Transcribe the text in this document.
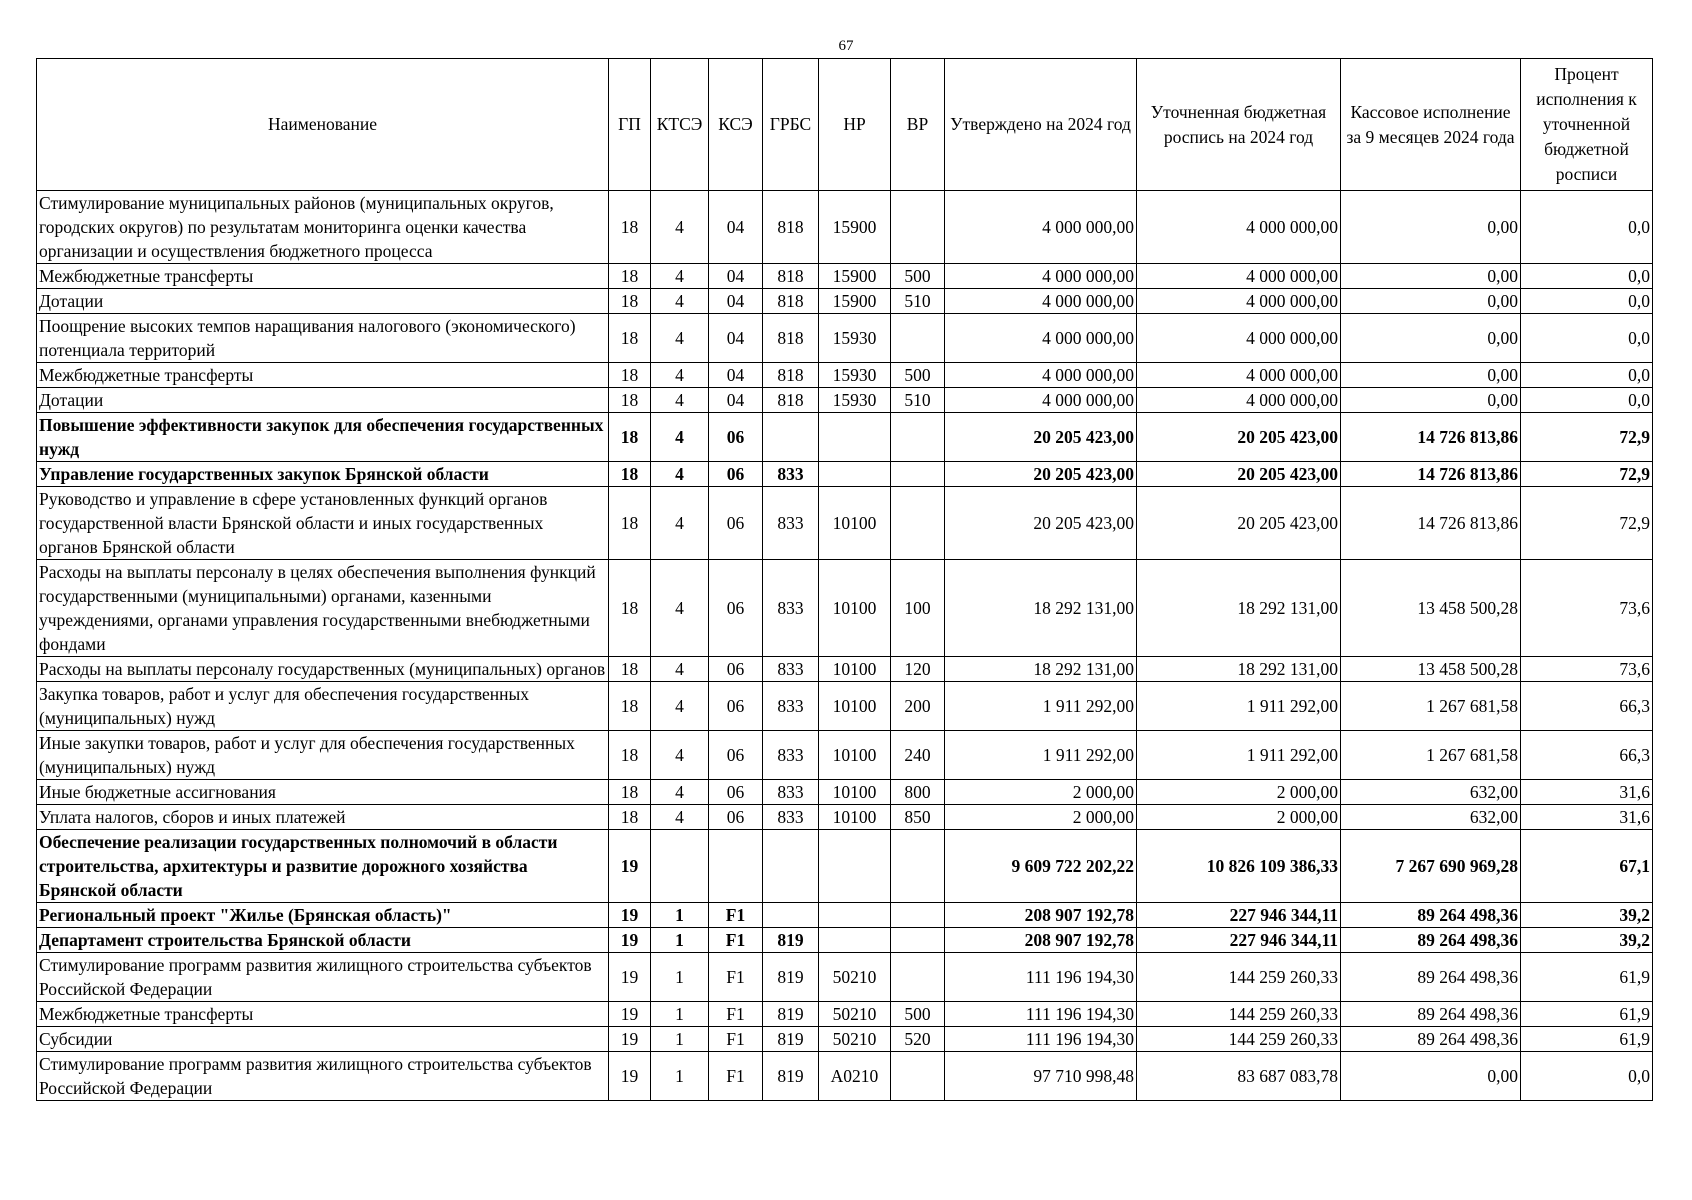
67
Наименование	ГП	КТСЭ	КСЭ	ГРБС	НР	ВР	Утверждено на 2024 год	Уточненная бюджетная роспись на 2024 год	Кассовое исполнение за 9 месяцев 2024 года	Процент исполнения к уточненной бюджетной росписи
Стимулирование муниципальных районов (муниципальных округов, городских округов) по результатам мониторинга оценки качества организации и осуществления бюджетного процесса	18	4	04	818	15900		4 000 000,00	4 000 000,00	0,00	0,0
Межбюджетные трансферты	18	4	04	818	15900	500	4 000 000,00	4 000 000,00	0,00	0,0
Дотации	18	4	04	818	15900	510	4 000 000,00	4 000 000,00	0,00	0,0
Поощрение высоких темпов наращивания налогового (экономического) потенциала территорий	18	4	04	818	15930		4 000 000,00	4 000 000,00	0,00	0,0
Межбюджетные трансферты	18	4	04	818	15930	500	4 000 000,00	4 000 000,00	0,00	0,0
Дотации	18	4	04	818	15930	510	4 000 000,00	4 000 000,00	0,00	0,0
Повышение эффективности закупок для обеспечения государственных нужд	18	4	06				20 205 423,00	20 205 423,00	14 726 813,86	72,9
Управление государственных закупок Брянской области	18	4	06	833			20 205 423,00	20 205 423,00	14 726 813,86	72,9
Руководство и управление в сфере установленных функций органов государственной власти Брянской области и иных государственных органов Брянской области	18	4	06	833	10100		20 205 423,00	20 205 423,00	14 726 813,86	72,9
Расходы на выплаты персоналу в целях обеспечения выполнения функций государственными (муниципальными) органами, казенными учреждениями, органами управления государственными внебюджетными фондами	18	4	06	833	10100	100	18 292 131,00	18 292 131,00	13 458 500,28	73,6
Расходы на выплаты персоналу государственных (муниципальных) органов	18	4	06	833	10100	120	18 292 131,00	18 292 131,00	13 458 500,28	73,6
Закупка товаров, работ и услуг для обеспечения государственных (муниципальных) нужд	18	4	06	833	10100	200	1 911 292,00	1 911 292,00	1 267 681,58	66,3
Иные закупки товаров, работ и услуг для обеспечения государственных (муниципальных) нужд	18	4	06	833	10100	240	1 911 292,00	1 911 292,00	1 267 681,58	66,3
Иные бюджетные ассигнования	18	4	06	833	10100	800	2 000,00	2 000,00	632,00	31,6
Уплата налогов, сборов и иных платежей	18	4	06	833	10100	850	2 000,00	2 000,00	632,00	31,6
Обеспечение реализации государственных полномочий в области строительства, архитектуры и развитие дорожного хозяйства Брянской области	19						9 609 722 202,22	10 826 109 386,33	7 267 690 969,28	67,1
Региональный проект "Жилье (Брянская область)"	19	1	F1				208 907 192,78	227 946 344,11	89 264 498,36	39,2
Департамент строительства Брянской области	19	1	F1	819			208 907 192,78	227 946 344,11	89 264 498,36	39,2
Стимулирование программ развития жилищного строительства субъектов Российской Федерации	19	1	F1	819	50210		111 196 194,30	144 259 260,33	89 264 498,36	61,9
Межбюджетные трансферты	19	1	F1	819	50210	500	111 196 194,30	144 259 260,33	89 264 498,36	61,9
Субсидии	19	1	F1	819	50210	520	111 196 194,30	144 259 260,33	89 264 498,36	61,9
Стимулирование программ развития жилищного строительства субъектов Российской Федерации	19	1	F1	819	A0210		97 710 998,48	83 687 083,78	0,00	0,0
